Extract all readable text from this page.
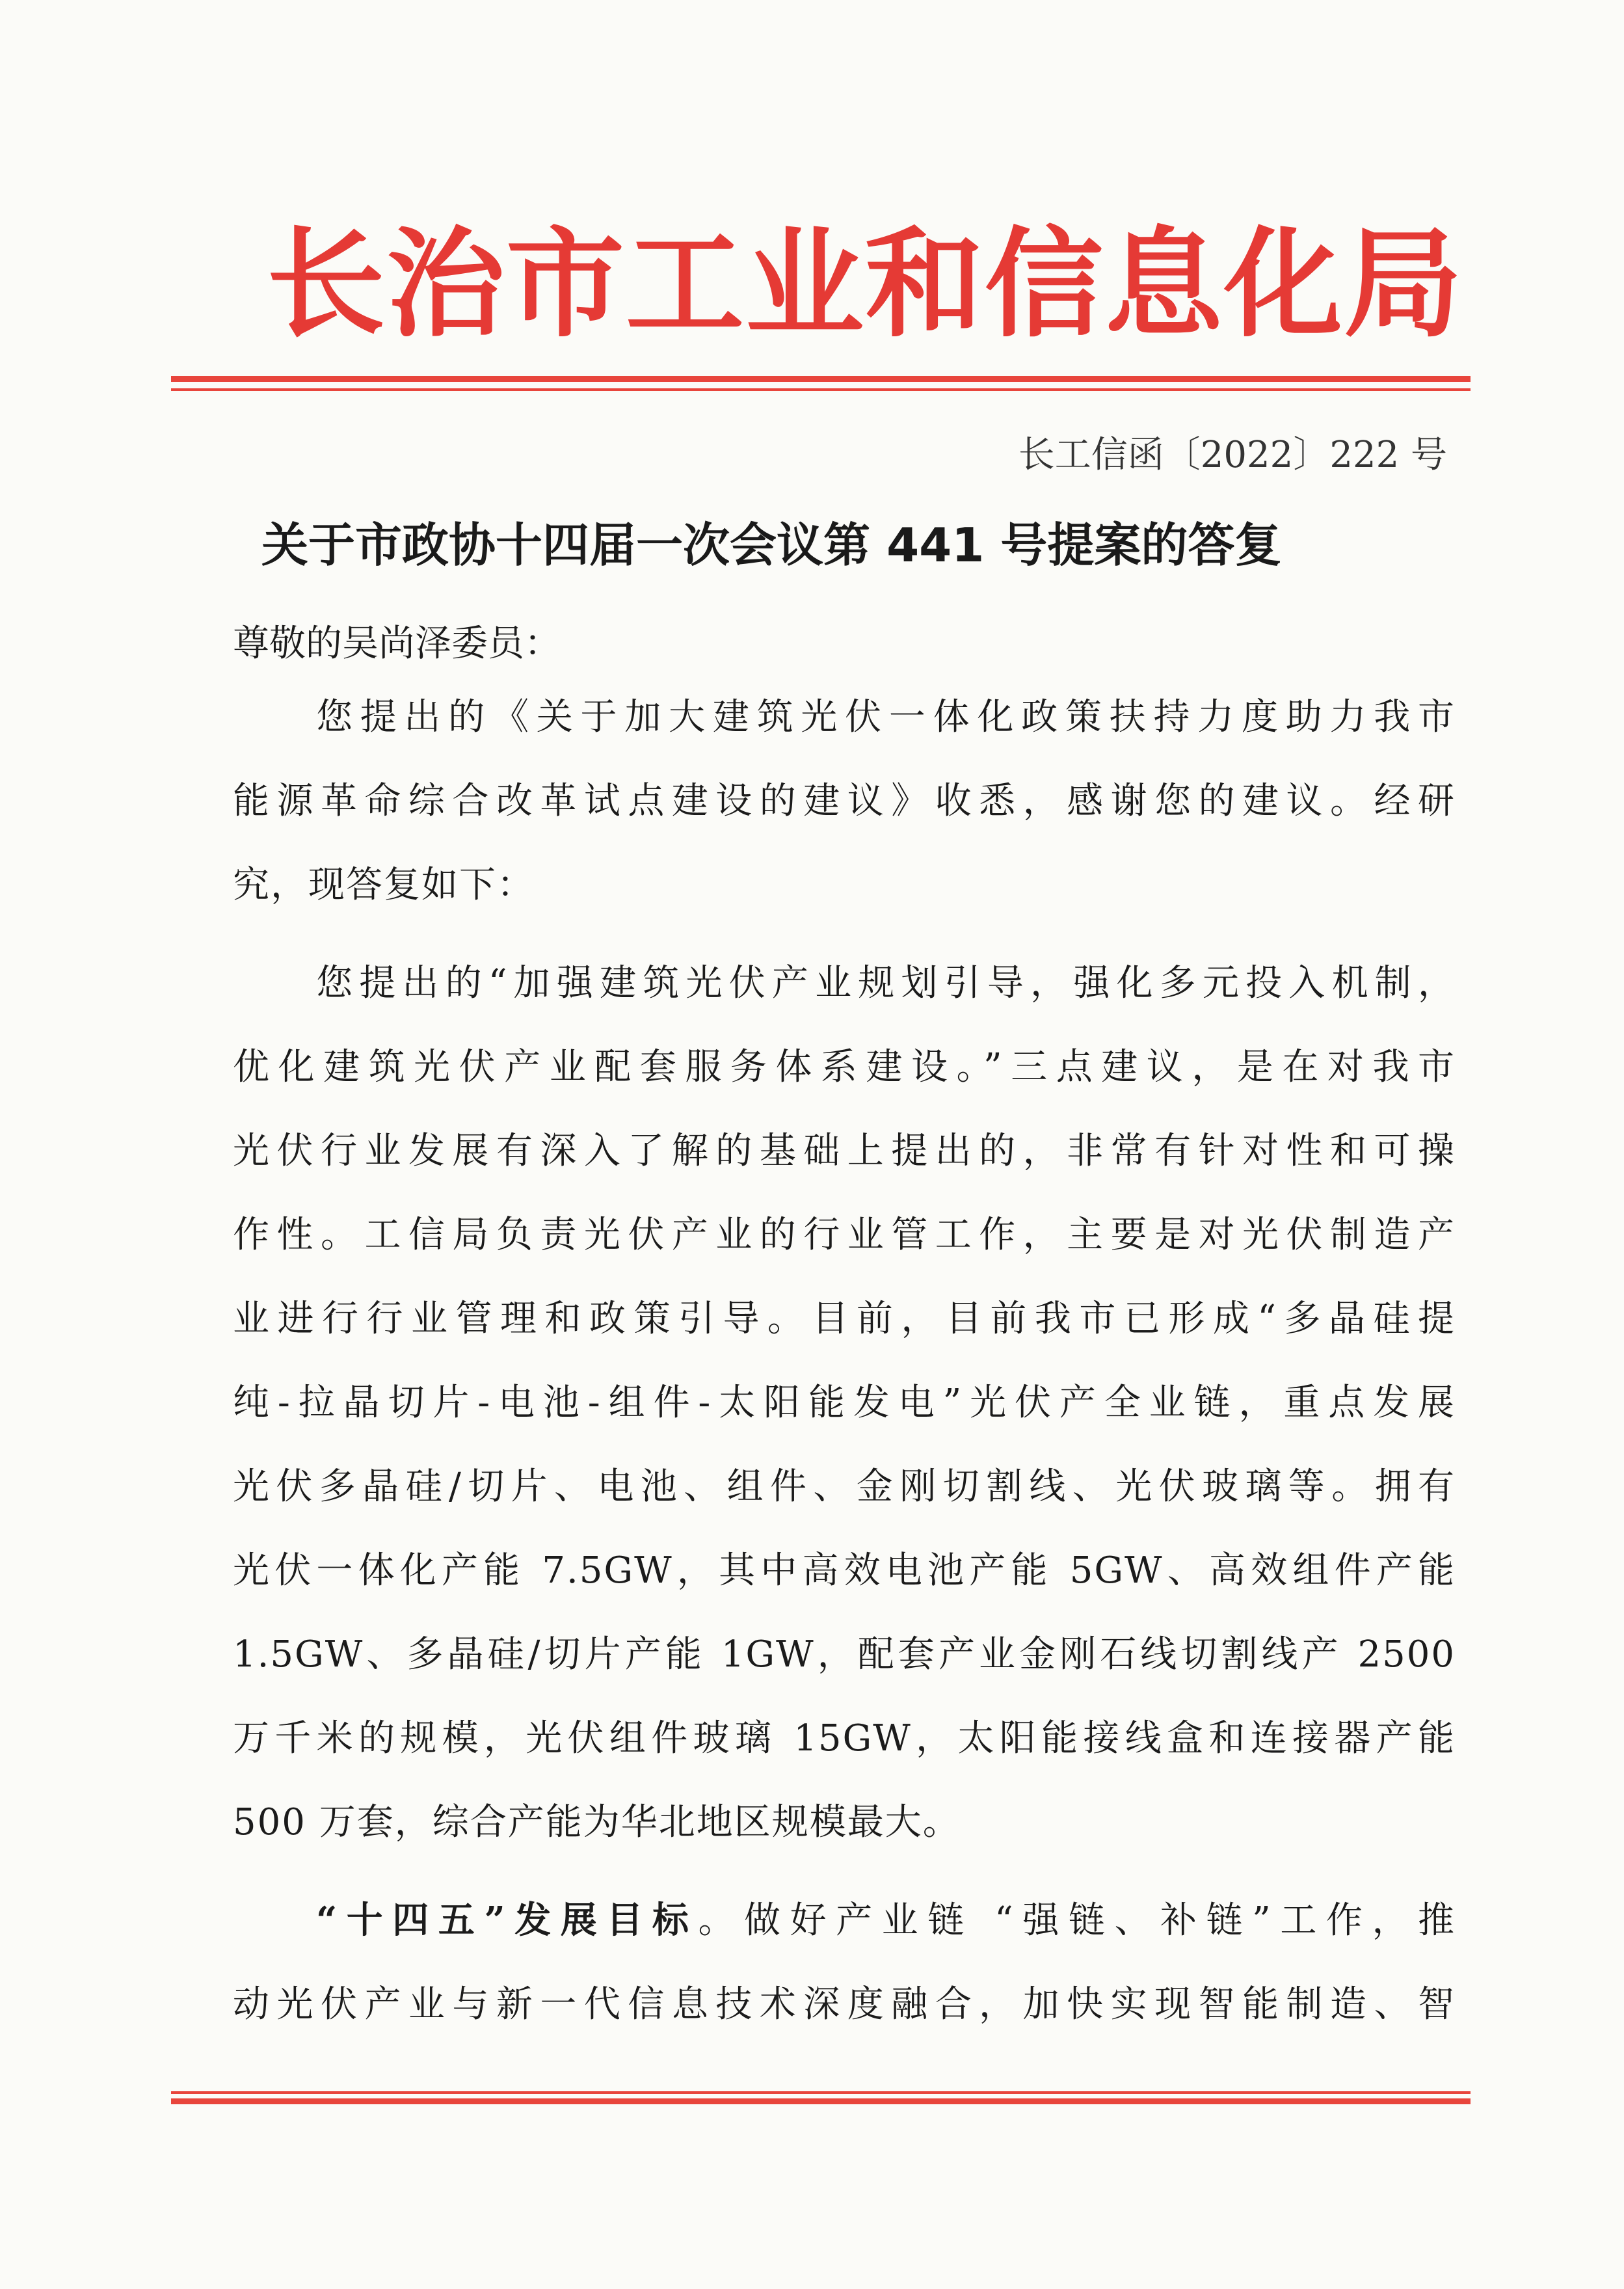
长治市工业和信息化局
长工信函〔2022〕222 号
关于市政协十四届一次会议第 441 号提案的答复
尊敬的吴尚泽委员：
您提出的《关于加大建筑光伏一体化政策扶持力度助力我市
能源革命综合改革试点建设的建议》收悉，感谢您的建议。经研
究，现答复如下：
您提出的“加强建筑光伏产业规划引导，强化多元投入机制，
优化建筑光伏产业配套服务体系建设。”三点建议，是在对我市
光伏行业发展有深入了解的基础上提出的，非常有针对性和可操
作性。工信局负责光伏产业的行业管工作，主要是对光伏制造产
业进行行业管理和政策引导。目前，目前我市已形成“多晶硅提
纯-拉晶切片-电池-组件-太阳能发电”光伏产全业链，重点发展
光伏多晶硅/切片、电池、组件、金刚切割线、光伏玻璃等。拥有
光伏一体化产能 7.5GW，其中高效电池产能 5GW、高效组件产能
1.5GW、多晶硅/切片产能 1GW，配套产业金刚石线切割线产 2500
万千米的规模，光伏组件玻璃 15GW，太阳能接线盒和连接器产能
500 万套，综合产能为华北地区规模最大。
“十四五”发展目标。做好产业链 “强链、补链”工作，推
动光伏产业与新一代信息技术深度融合，加快实现智能制造、智
